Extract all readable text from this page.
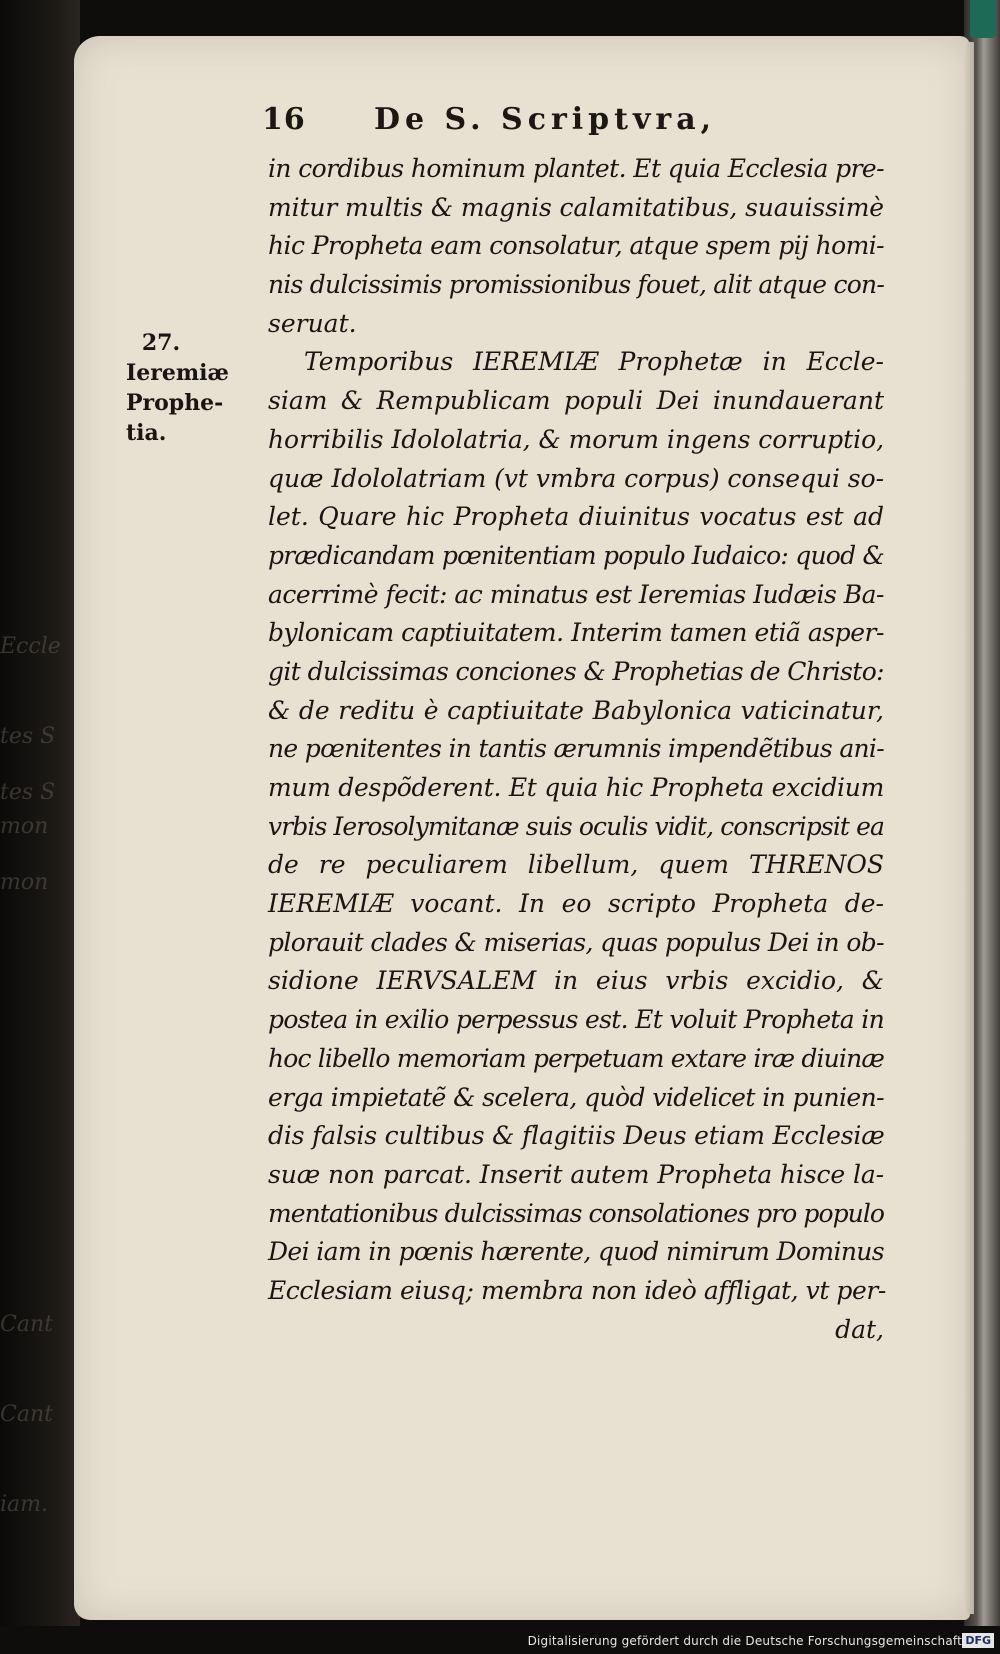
Eccle

tes S

mon

tes S

mon

Cant

Cant

iam.

16 De S. Scriptvra,
27.
Ieremiæ
Prophe-
tia.
in cordibus hominum plantet. Et quia Ecclesia pre-
mitur multis & magnis calamitatibus, suauissimè
hic Propheta eam consolatur, atque spem pij homi-
nis dulcissimis promissionibus fouet, alit atque con-
seruat.
Temporibus IEREMIÆ Prophetæ in Eccle-
siam & Rempublicam populi Dei inundauerant
horribilis Idololatria, & morum ingens corruptio,
quæ Idololatriam (vt vmbra corpus) consequi so-
let. Quare hic Propheta diuinitus vocatus est ad
prædicandam pœnitentiam populo Iudaico: quod &
acerrimè fecit: ac minatus est Ieremias Iudæis Ba-
bylonicam captiuitatem. Interim tamen etiã asper-
git dulcissimas conciones & Prophetias de Christo:
& de reditu è captiuitate Babylonica vaticinatur,
ne pœnitentes in tantis ærumnis impendẽtibus ani-
mum despõderent. Et quia hic Propheta excidium
vrbis Ierosolymitanæ suis oculis vidit, conscripsit ea
de re peculiarem libellum, quem THRENOS
IEREMIÆ vocant. In eo scripto Propheta de-
plorauit clades & miserias, quas populus Dei in ob-
sidione IERVSALEM in eius vrbis excidio, &
postea in exilio perpessus est. Et voluit Propheta in
hoc libello memoriam perpetuam extare iræ diuinæ
erga impietatẽ & scelera, quòd videlicet in punien-
dis falsis cultibus & flagitiis Deus etiam Ecclesiæ
suæ non parcat. Inserit autem Propheta hisce la-
mentationibus dulcissimas consolationes pro populo
Dei iam in pœnis hærente, quod nimirum Dominus
Ecclesiam eiusq; membra non ideò affligat, vt per-
dat,
Digitalisierung gefördert durch die Deutsche Forschungsgemeinschaft DFG
